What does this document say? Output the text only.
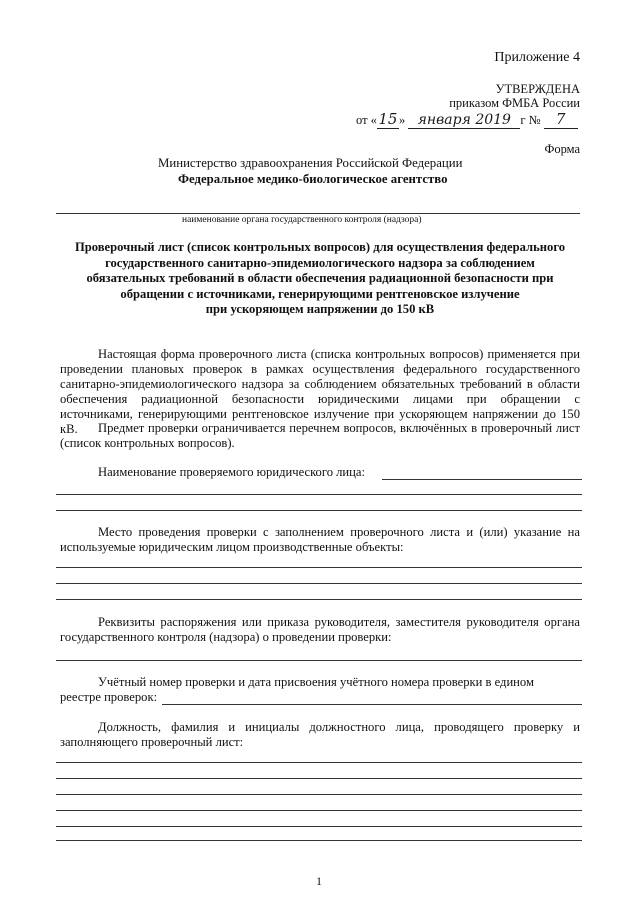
Приложение 4
УТВЕРЖДЕНА
приказом ФМБА России
от «15» января 2019 г № 7
Форма
Министерство здравоохранения Российской Федерации
Федеральное медико-биологическое агентство
наименование органа государственного контроля (надзора)
Проверочный лист (список контрольных вопросов) для осуществления федерального
государственного санитарно-эпидемиологического надзора за соблюдением
обязательных требований в области обеспечения радиационной безопасности при
обращении с источниками, генерирующими рентгеновское излучение
при ускоряющем напряжении до 150 кВ
Настоящая форма проверочного листа (списка контрольных вопросов) применяется при проведении плановых проверок в рамках осуществления федерального государственного санитарно-эпидемиологического надзора за соблюдением обязательных требований в области обеспечения радиационной безопасности юридическими лицами при обращении с источниками, генерирующими рентгеновское излучение при ускоряющем напряжении до 150 кВ.	Предмет проверки ограничивается перечнем вопросов, включённых в проверочный лист (список контрольных вопросов).
Наименование проверяемого юридического лица:
Место проведения проверки с заполнением проверочного листа и (или) указание на используемые юридическим лицом производственные объекты:
Реквизиты распоряжения или приказа руководителя, заместителя руководителя органа государственного контроля (надзора) о проведении проверки:
Учётный номер проверки и дата присвоения учётного номера проверки в едином
реестре проверок:
Должность, фамилия и инициалы должностного лица, проводящего проверку и заполняющего проверочный лист:
1
